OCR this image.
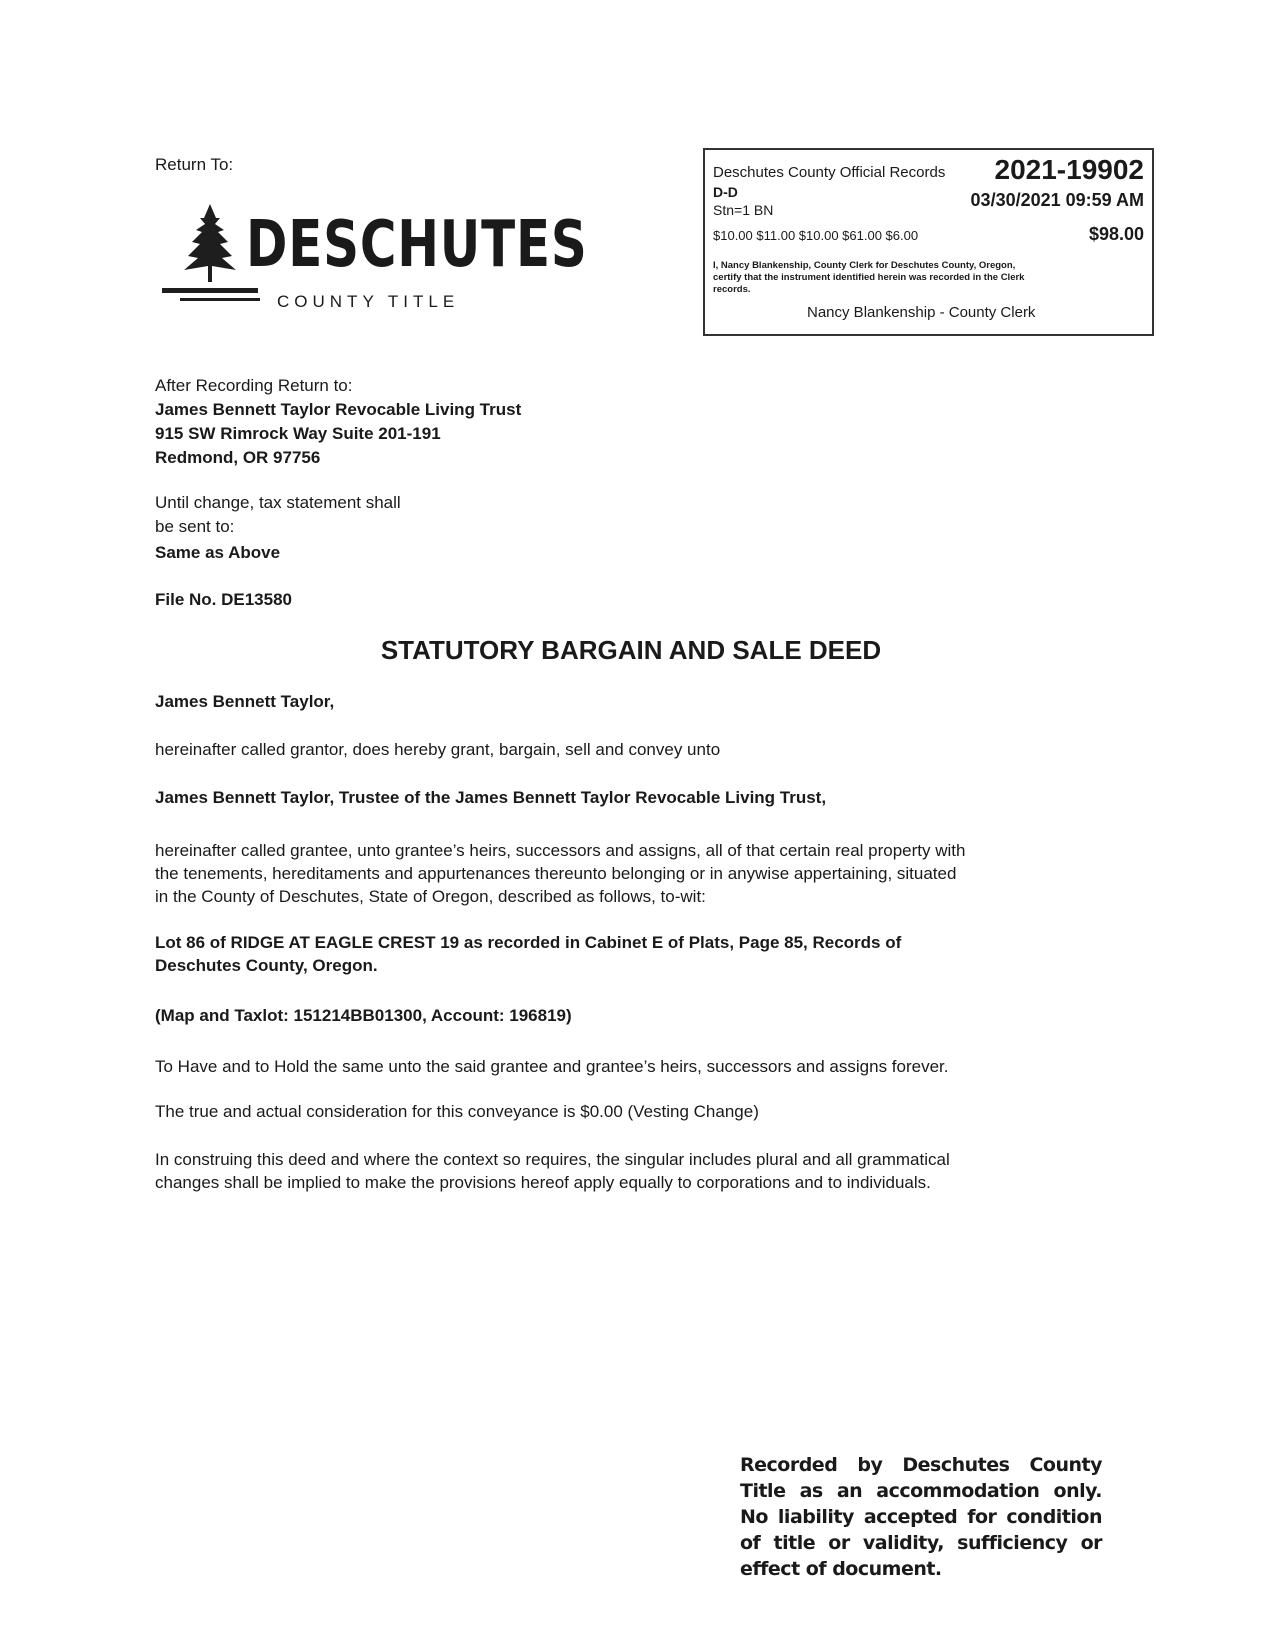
Return To:
DESCHUTES
COUNTY TITLE
Deschutes County Official Records 2021-19902
D-D
Stn=1 BN	03/30/2021 09:59 AM
$10.00 $11.00 $10.00 $61.00 $6.00	$98.00
I, Nancy Blankenship, County Clerk for Deschutes County, Oregon,
certify that the instrument identified herein was recorded in the Clerk
records.
Nancy Blankenship - County Clerk
After Recording Return to:
James Bennett Taylor Revocable Living Trust
915 SW Rimrock Way Suite 201-191
Redmond, OR 97756
Until change, tax statement shall
be sent to:
Same as Above
File No. DE13580
STATUTORY BARGAIN AND SALE DEED
James Bennett Taylor,
hereinafter called grantor, does hereby grant, bargain, sell and convey unto
James Bennett Taylor, Trustee of the James Bennett Taylor Revocable Living Trust,
hereinafter called grantee, unto grantee’s heirs, successors and assigns, all of that certain real property with
the tenements, hereditaments and appurtenances thereunto belonging or in anywise appertaining, situated
in the County of Deschutes, State of Oregon, described as follows, to-wit:
Lot 86 of RIDGE AT EAGLE CREST 19 as recorded in Cabinet E of Plats, Page 85, Records of
Deschutes County, Oregon.
(Map and Taxlot: 151214BB01300, Account: 196819)
To Have and to Hold the same unto the said grantee and grantee’s heirs, successors and assigns forever.
The true and actual consideration for this conveyance is $0.00 (Vesting Change)
In construing this deed and where the context so requires, the singular includes plural and all grammatical
changes shall be implied to make the provisions hereof apply equally to corporations and to individuals.
Recorded by Deschutes County Title as an accommodation only. No liability accepted for condition of title or validity, sufficiency or effect of document.
